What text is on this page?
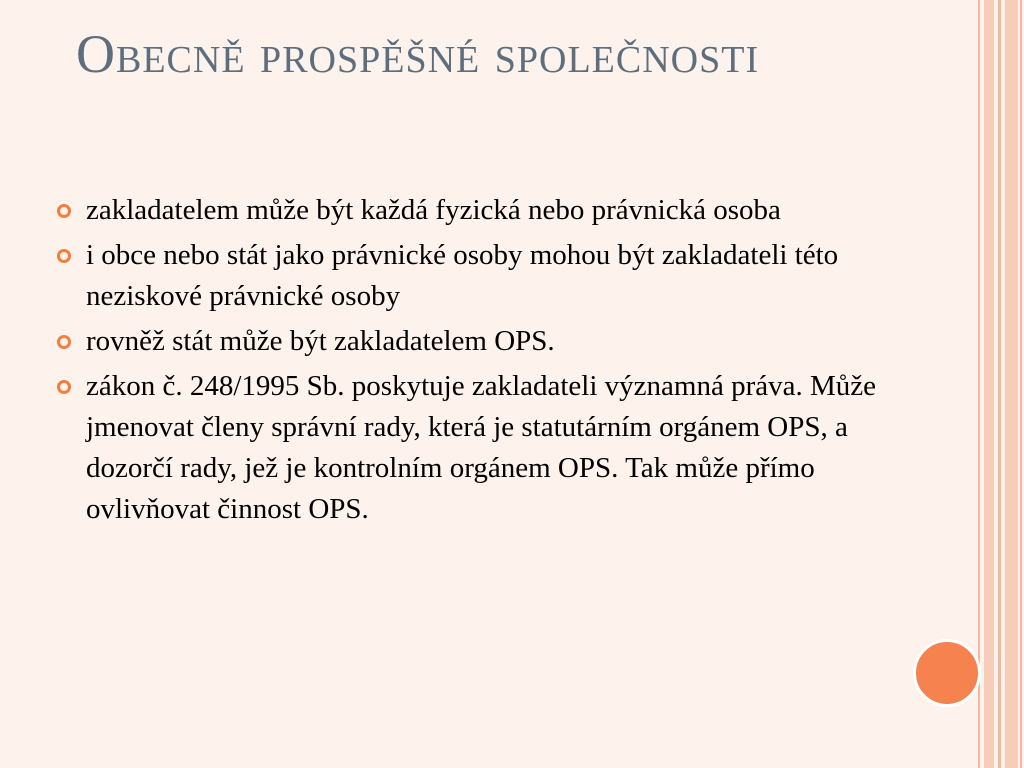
Obecně prospěšné společnosti
zakladatelem může být každá fyzická nebo právnická osoba
i obce nebo stát jako právnické osoby mohou být zakladateli této neziskové právnické osoby
rovněž stát může být zakladatelem OPS.
zákon č. 248/1995 Sb. poskytuje zakladateli významná práva. Může jmenovat členy správní rady, která je statutárním orgánem OPS, a dozorčí rady, jež je kontrolním orgánem OPS. Tak může přímo ovlivňovat činnost OPS.
